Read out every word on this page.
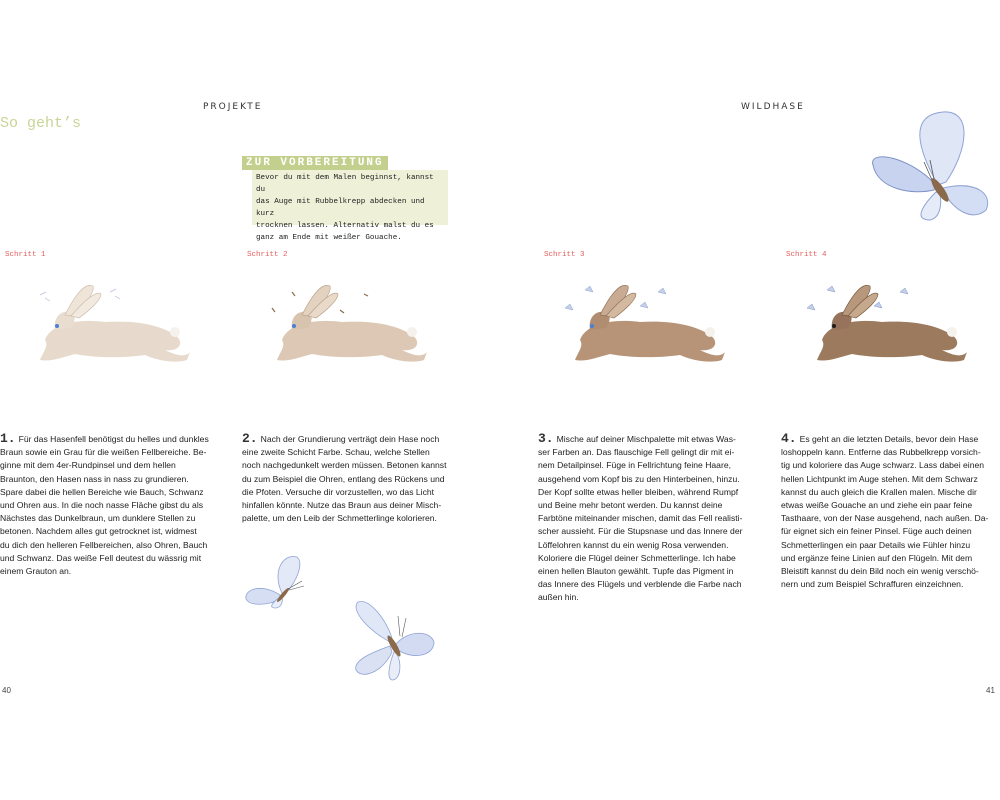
PROJEKTE	WILDHASE
So geht’s
ZUR VORBEREITUNG
Bevor du mit dem Malen beginnst, kannst du
das Auge mit Rubbelkrepp abdecken und kurz
trocknen lassen. Alternativ malst du es
ganz am Ende mit weißer Gouache.
Schritt 1	Schritt 2	Schritt 3	Schritt 4
1. Für das Hasenfell benötigst du helles und dunkles
Braun sowie ein Grau für die weißen Fellbereiche. Be-
ginne mit dem 4er-Rundpinsel und dem hellen
Braunton, den Hasen nass in nass zu grundieren.
Spare dabei die hellen Bereiche wie Bauch, Schwanz
und Ohren aus. In die noch nasse Fläche gibst du als
Nächstes das Dunkelbraun, um dunklere Stellen zu
betonen. Nachdem alles gut getrocknet ist, widmest
du dich den helleren Fellbereichen, also Ohren, Bauch
und Schwanz. Das weiße Fell deutest du wässrig mit
einem Grauton an.
2. Nach der Grundierung verträgt dein Hase noch
eine zweite Schicht Farbe. Schau, welche Stellen
noch nachgedunkelt werden müssen. Betonen kannst
du zum Beispiel die Ohren, entlang des Rückens und
die Pfoten. Versuche dir vorzustellen, wo das Licht
hinfallen könnte. Nutze das Braun aus deiner Misch-
palette, um den Leib der Schmetterlinge kolorieren.
3. Mische auf deiner Mischpalette mit etwas Was-
ser Farben an. Das flauschige Fell gelingt dir mit ei-
nem Detailpinsel. Füge in Fellrichtung feine Haare,
ausgehend vom Kopf bis zu den Hinterbeinen, hinzu.
Der Kopf sollte etwas heller bleiben, während Rumpf
und Beine mehr betont werden. Du kannst deine
Farbtöne miteinander mischen, damit das Fell realisti-
scher aussieht. Für die Stupsnase und das Innere der
Löffelohren kannst du ein wenig Rosa verwenden.
Koloriere die Flügel deiner Schmetterlinge. Ich habe
einen hellen Blauton gewählt. Tupfe das Pigment in
das Innere des Flügels und verblende die Farbe nach
außen hin.
4. Es geht an die letzten Details, bevor dein Hase
loshoppeln kann. Entferne das Rubbelkrepp vorsich-
tig und koloriere das Auge schwarz. Lass dabei einen
hellen Lichtpunkt im Auge stehen. Mit dem Schwarz
kannst du auch gleich die Krallen malen. Mische dir
etwas weiße Gouache an und ziehe ein paar feine
Tasthaare, von der Nase ausgehend, nach außen. Da-
für eignet sich ein feiner Pinsel. Füge auch deinen
Schmetterlingen ein paar Details wie Fühler hinzu
und ergänze feine Linien auf den Flügeln. Mit dem
Bleistift kannst du dein Bild noch ein wenig verschö-
nern und zum Beispiel Schraffuren einzeichnen.
40	41
